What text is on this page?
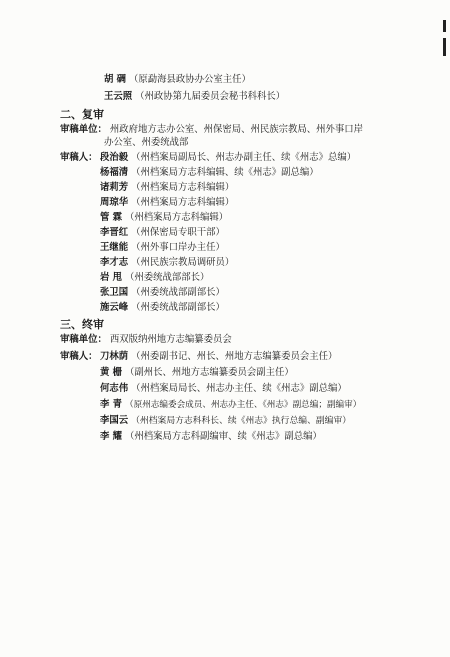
胡 碉 （原勐海县政协办公室主任）
王云照 （州政协第九届委员会秘书科科长）
二、复审
审稿单位： 州政府地方志办公室、州保密局、州民族宗教局、州外事口岸
办公室、州委统战部
审稿人： 段治毅 （州档案局副局长、州志办副主任、续《州志》总编）
杨福清 （州档案局方志科编辑、续《州志》副总编）
诸莉芳 （州档案局方志科编辑）
周琼华 （州档案局方志科编辑）
管 霖 （州档案局方志科编辑）
李晋红 （州保密局专职干部）
王继能 （州外事口岸办主任）
李才志 （州民族宗教局调研员）
岩 甩 （州委统战部部长）
张卫国 （州委统战部副部长）
施云峰 （州委统战部副部长）
三、终审
审稿单位： 西双版纳州地方志编纂委员会
审稿人： 刀林荫 （州委副书记、州长、州地方志编纂委员会主任）
黄 栅 （副州长、州地方志编纂委员会副主任）
何志伟 （州档案局局长、州志办主任、续《州志》副总编）
李 青 （原州志编委会成员、州志办主任、《州志》副总编；副编审）
李国云 （州档案局方志科科长、续《州志》执行总编、副编审）
李 耀 （州档案局方志科副编审、续《州志》副总编）
